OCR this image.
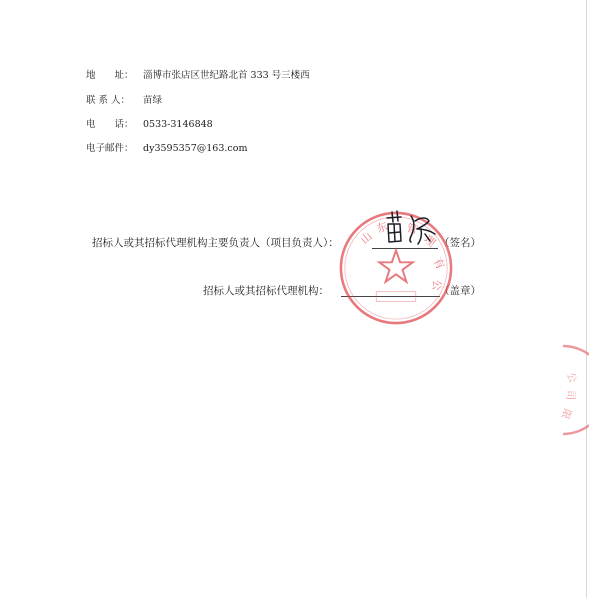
地　　址： 淄博市张店区世纪路北首 333 号三楼西
联 系 人： 苗绿
电　　话： 0533-3146848
电子邮件： dy3595357@163.com
招标人或其招标代理机构主要负责人（项目负责人）：	（签名）
招标人或其招标代理机构：	（盖章）
山
东 管
理
有
公
公
司
限
